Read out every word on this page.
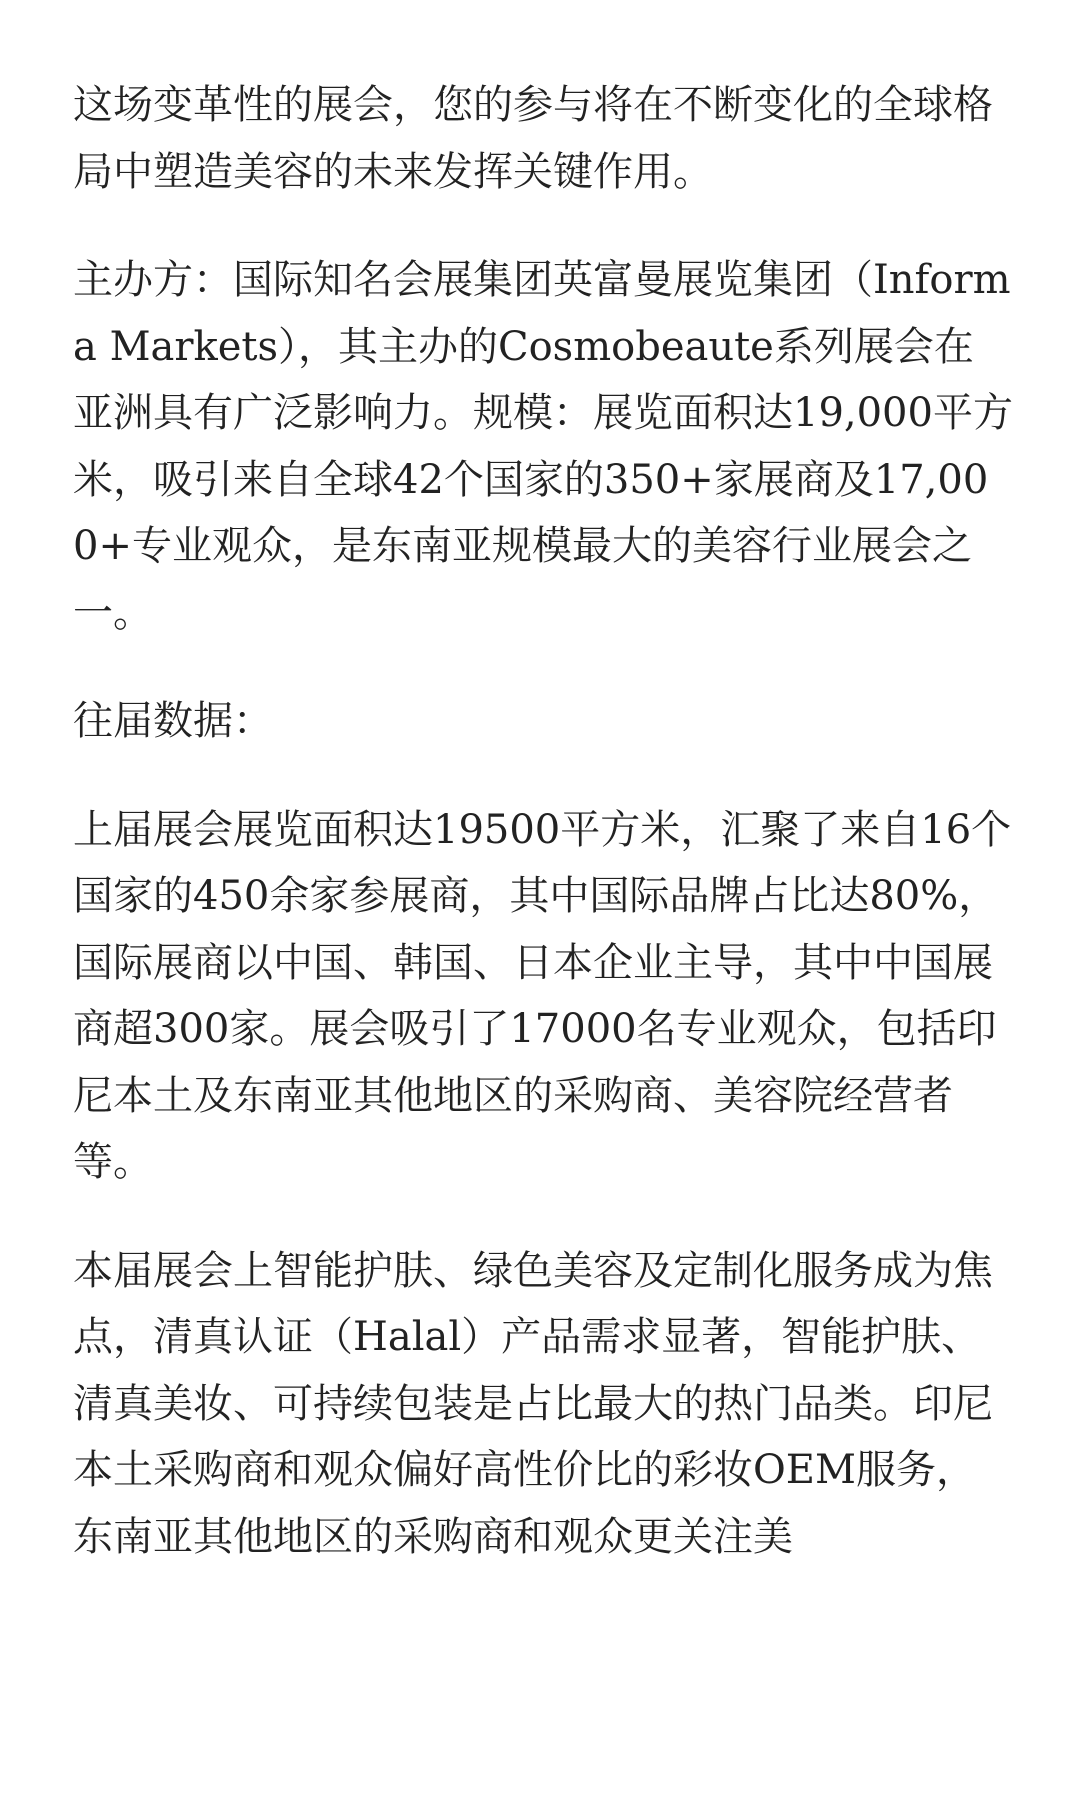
这场变革性的展会，您的参与将在不断变化的全球格局中塑造美容的未来发挥关键作用。

主办方：国际知名会展集团英富曼展览集团（Informa Markets），其主办的Cosmobeaute系列展会在亚洲具有广泛影响力。规模：展览面积达19,000平方米，吸引来自全球42个国家的350+家展商及17,000+专业观众，是东南亚规模最大的美容行业展会之一。

往届数据：

上届展会展览面积达19500平方米，汇聚了来自16个国家的450余家参展商，其中国际品牌占比达80%，国际展商以中国、韩国、日本企业主导，其中中国展商超300家。展会吸引了17000名专业观众，包括印尼本土及东南亚其他地区的采购商、美容院经营者等。

本届展会上智能护肤、绿色美容及定制化服务成为焦点，清真认证（Halal）产品需求显著，智能护肤、清真美妆、可持续包装是占比最大的热门品类。印尼本土采购商和观众偏好高性价比的彩妆OEM服务，东南亚其他地区的采购商和观众更关注美
